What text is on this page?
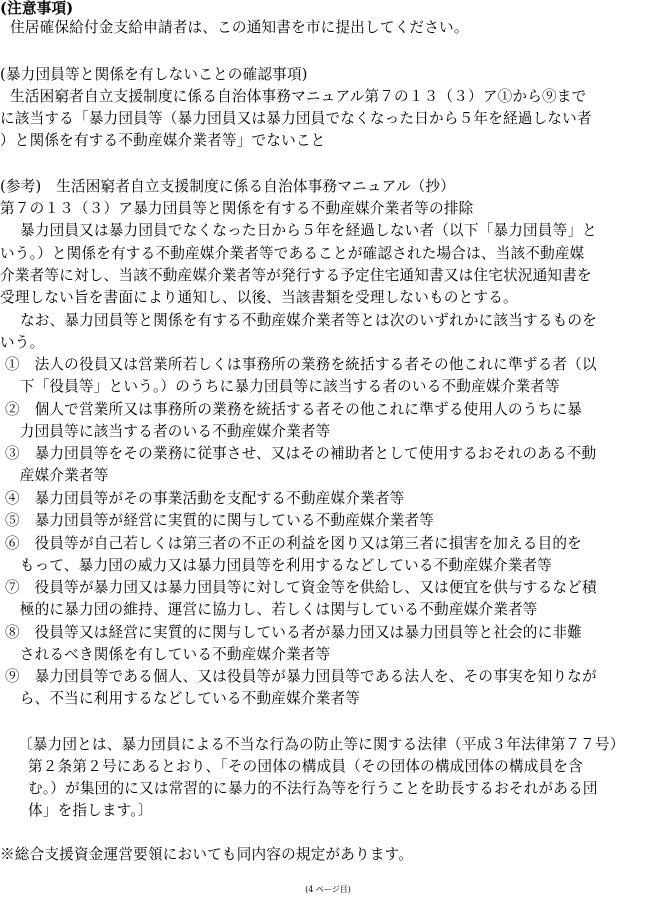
(注意事項)
住居確保給付金支給申請者は、この通知書を市に提出してください。
(暴力団員等と関係を有しないことの確認事項)
生活困窮者自立支援制度に係る自治体事務マニュアル第７の１３（３）ア①から⑨まで
に該当する「暴力団員等（暴力団員又は暴力団員でなくなった日から５年を経過しない者
）と関係を有する不動産媒介業者等」でないこと
(参考)　生活困窮者自立支援制度に係る自治体事務マニュアル（抄）
第７の１３（３）ア暴力団員等と関係を有する不動産媒介業者等の排除
暴力団員又は暴力団員でなくなった日から５年を経過しない者（以下「暴力団員等」と
いう。）と関係を有する不動産媒介業者等であることが確認された場合は、当該不動産媒
介業者等に対し、当該不動産媒介業者等が発行する予定住宅通知書又は住宅状況通知書を
受理しない旨を書面により通知し、以後、当該書類を受理しないものとする。
なお、暴力団員等と関係を有する不動産媒介業者等とは次のいずれかに該当するものを
いう。
①　法人の役員又は営業所若しくは事務所の業務を統括する者その他これに準ずる者（以
　下「役員等」という。）のうちに暴力団員等に該当する者のいる不動産媒介業者等
②　個人で営業所又は事務所の業務を統括する者その他これに準ずる使用人のうちに暴
　力団員等に該当する者のいる不動産媒介業者等
③　暴力団員等をその業務に従事させ、又はその補助者として使用するおそれのある不動
　産媒介業者等
④　暴力団員等がその事業活動を支配する不動産媒介業者等
⑤　暴力団員等が経営に実質的に関与している不動産媒介業者等
⑥　役員等が自己若しくは第三者の不正の利益を図り又は第三者に損害を加える目的を
　もって、暴力団の威力又は暴力団員等を利用するなどしている不動産媒介業者等
⑦　役員等が暴力団又は暴力団員等に対して資金等を供給し、又は便宜を供与するなど積
　極的に暴力団の維持、運営に協力し、若しくは関与している不動産媒介業者等
⑧　役員等又は経営に実質的に関与している者が暴力団又は暴力団員等と社会的に非難
　されるべき関係を有している不動産媒介業者等
⑨　暴力団員等である個人、又は役員等が暴力団員等である法人を、その事実を知りなが
　ら、不当に利用するなどしている不動産媒介業者等
〔暴力団とは、暴力団員による不当な行為の防止等に関する法律（平成３年法律第７７号）
第２条第２号にあるとおり、「その団体の構成員（その団体の構成団体の構成員を含
む。）が集団的に又は常習的に暴力的不法行為等を行うことを助長するおそれがある団
体」を指します。〕
※総合支援資金運営要領においても同内容の規定があります。
(4 ページ目)
